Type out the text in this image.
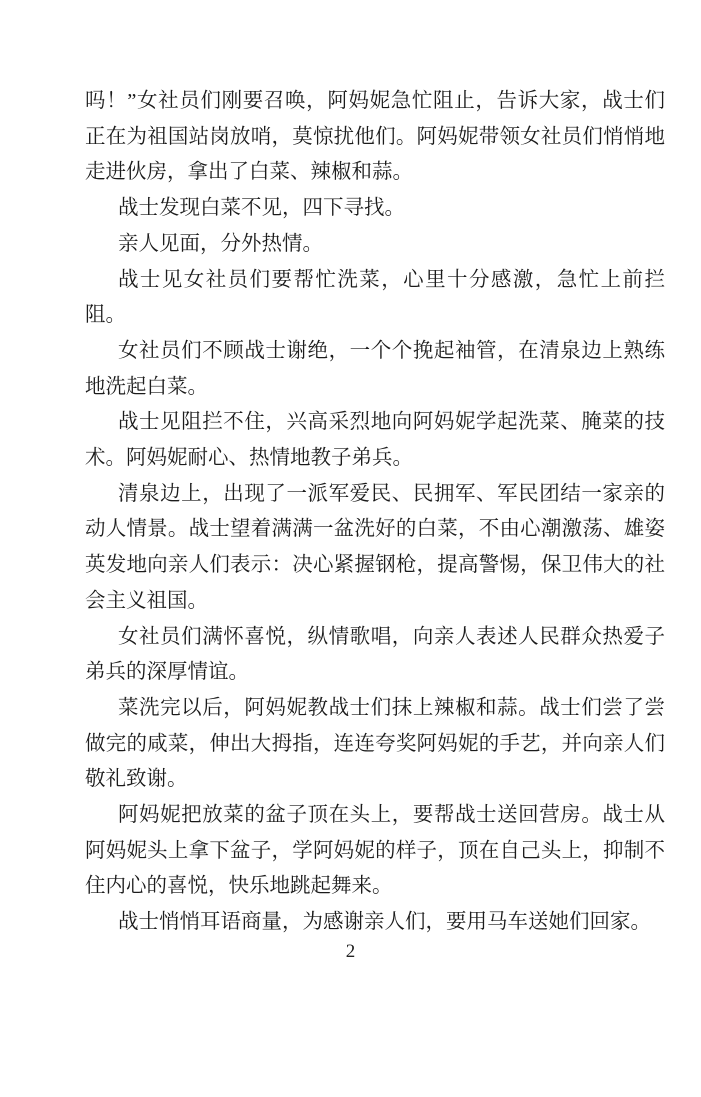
吗！”女社员们刚要召唤，阿妈妮急忙阻止，告诉大家，战士们正在为祖国站岗放哨，莫惊扰他们。阿妈妮带领女社员们悄悄地走进伙房，拿出了白菜、辣椒和蒜。

战士发现白菜不见，四下寻找。

亲人见面，分外热情。

战士见女社员们要帮忙洗菜，心里十分感激，急忙上前拦阻。

女社员们不顾战士谢绝，一个个挽起袖管，在清泉边上熟练地洗起白菜。

战士见阻拦不住，兴高采烈地向阿妈妮学起洗菜、腌菜的技术。阿妈妮耐心、热情地教子弟兵。

清泉边上，出现了一派军爱民、民拥军、军民团结一家亲的动人情景。战士望着满满一盆洗好的白菜，不由心潮激荡、雄姿英发地向亲人们表示：决心紧握钢枪，提高警惕，保卫伟大的社会主义祖国。

女社员们满怀喜悦，纵情歌唱，向亲人表述人民群众热爱子弟兵的深厚情谊。

菜洗完以后，阿妈妮教战士们抹上辣椒和蒜。战士们尝了尝做完的咸菜，伸出大拇指，连连夸奖阿妈妮的手艺，并向亲人们敬礼致谢。

阿妈妮把放菜的盆子顶在头上，要帮战士送回营房。战士从阿妈妮头上拿下盆子，学阿妈妮的样子，顶在自己头上，抑制不住内心的喜悦，快乐地跳起舞来。

战士悄悄耳语商量，为感谢亲人们，要用马车送她们回家。

2
